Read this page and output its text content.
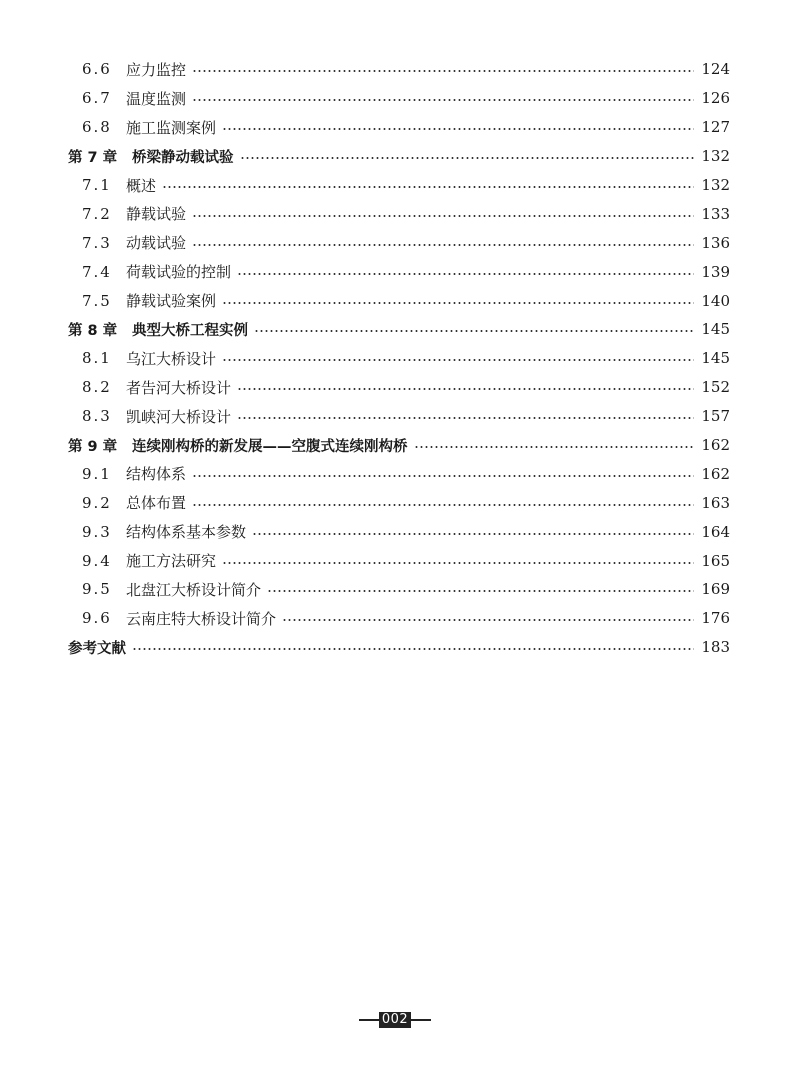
6.6 应力监控	124
6.7 温度监测	126
6.8 施工监测案例	127
第 7 章	桥梁静动载试验	132
7.1 概述	132
7.2 静载试验	133
7.3 动载试验	136
7.4 荷载试验的控制	139
7.5 静载试验案例	140
第 8 章	典型大桥工程实例	145
8.1 乌江大桥设计	145
8.2 者告河大桥设计	152
8.3 凯峡河大桥设计	157
第 9 章	连续刚构桥的新发展——空腹式连续刚构桥	162
9.1 结构体系	162
9.2 总体布置	163
9.3 结构体系基本参数	164
9.4 施工方法研究	165
9.5 北盘江大桥设计简介	169
9.6 云南庄特大桥设计简介	176
参考文献	183
002
